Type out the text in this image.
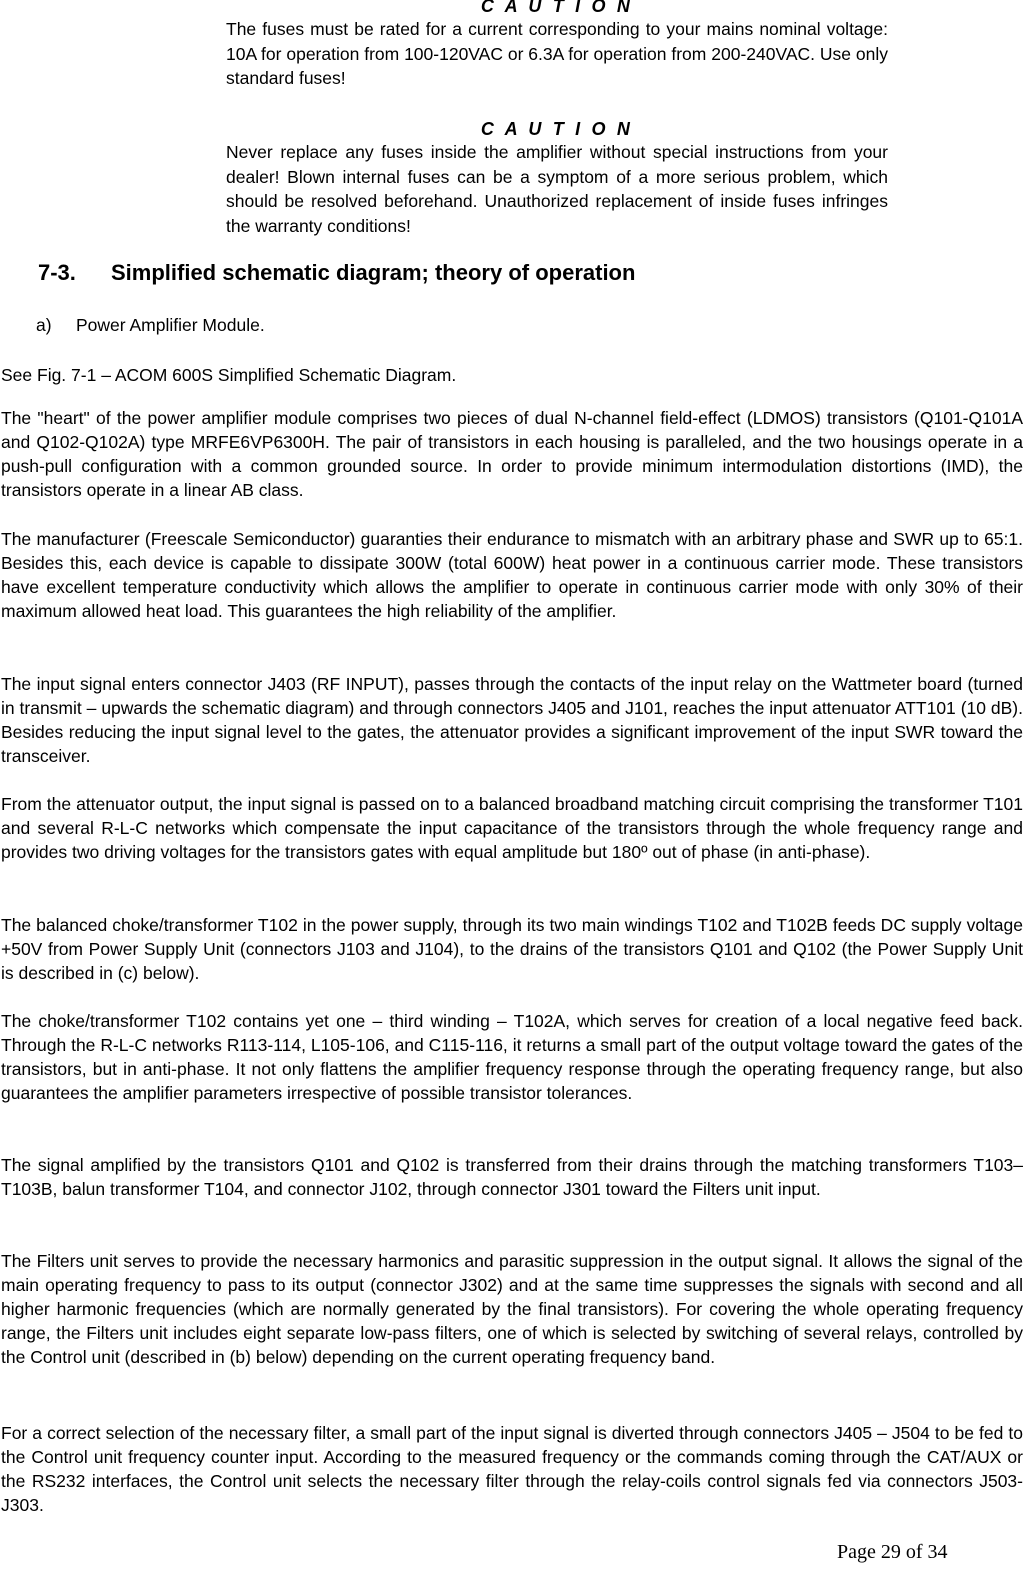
C A U T I O N
The fuses must be rated for a current corresponding to your mains nominal voltage: 10A for operation from 100-120VAC or 6.3A for operation from 200-240VAC. Use only standard fuses!
C A U T I O N
Never replace any fuses inside the amplifier without special instructions from your dealer! Blown internal fuses can be a symptom of a more serious problem, which should be resolved beforehand. Unauthorized replacement of inside fuses infringes the warranty conditions!
7-3. Simplified schematic diagram; theory of operation
a) Power Amplifier Module.
See Fig. 7-1 – ACOM 600S Simplified Schematic Diagram.
The "heart" of the power amplifier module comprises two pieces of dual N-channel field-effect (LDMOS) transistors (Q101-Q101A and Q102-Q102A) type MRFE6VP6300H. The pair of transistors in each housing is paralleled, and the two housings operate in a push-pull configuration with a common grounded source. In order to provide minimum intermodulation distortions (IMD), the transistors operate in a linear AB class.
The manufacturer (Freescale Semiconductor) guaranties their endurance to mismatch with an arbitrary phase and SWR up to 65:1. Besides this, each device is capable to dissipate 300W (total 600W) heat power in a continuous carrier mode. These transistors have excellent temperature conductivity which allows the amplifier to operate in continuous carrier mode with only 30% of their maximum allowed heat load. This guarantees the high reliability of the amplifier.
The input signal enters connector J403 (RF INPUT), passes through the contacts of the input relay on the Wattmeter board (turned in transmit – upwards the schematic diagram) and through connectors J405 and J101, reaches the input attenuator ATT101 (10 dB). Besides reducing the input signal level to the gates, the attenuator provides a significant improvement of the input SWR toward the transceiver.
From the attenuator output, the input signal is passed on to a balanced broadband matching circuit comprising the transformer T101 and several R-L-C networks which compensate the input capacitance of the transistors through the whole frequency range and provides two driving voltages for the transistors gates with equal amplitude but 180º out of phase (in anti-phase).
The balanced choke/transformer T102 in the power supply, through its two main windings T102 and T102B feeds DC supply voltage +50V from Power Supply Unit (connectors J103 and J104), to the drains of the transistors Q101 and Q102 (the Power Supply Unit is described in (c) below).
The choke/transformer T102 contains yet one – third winding – T102A, which serves for creation of a local negative feed back. Through the R-L-C networks R113-114, L105-106, and C115-116, it returns a small part of the output voltage toward the gates of the transistors, but in anti-phase. It not only flattens the amplifier frequency response through the operating frequency range, but also guarantees the amplifier parameters irrespective of possible transistor tolerances.
The signal amplified by the transistors Q101 and Q102 is transferred from their drains through the matching transformers T103–T103B, balun transformer T104, and connector J102, through connector J301 toward the Filters unit input.
The Filters unit serves to provide the necessary harmonics and parasitic suppression in the output signal. It allows the signal of the main operating frequency to pass to its output (connector J302) and at the same time suppresses the signals with second and all higher harmonic frequencies (which are normally generated by the final transistors). For covering the whole operating frequency range, the Filters unit includes eight separate low-pass filters, one of which is selected by switching of several relays, controlled by the Control unit (described in (b) below) depending on the current operating frequency band.
For a correct selection of the necessary filter, a small part of the input signal is diverted through connectors J405 – J504 to be fed to the Control unit frequency counter input. According to the measured frequency or the commands coming through the CAT/AUX or the RS232 interfaces, the Control unit selects the necessary filter through the relay-coils control signals fed via connectors J503-J303.
Page 29 of 34
